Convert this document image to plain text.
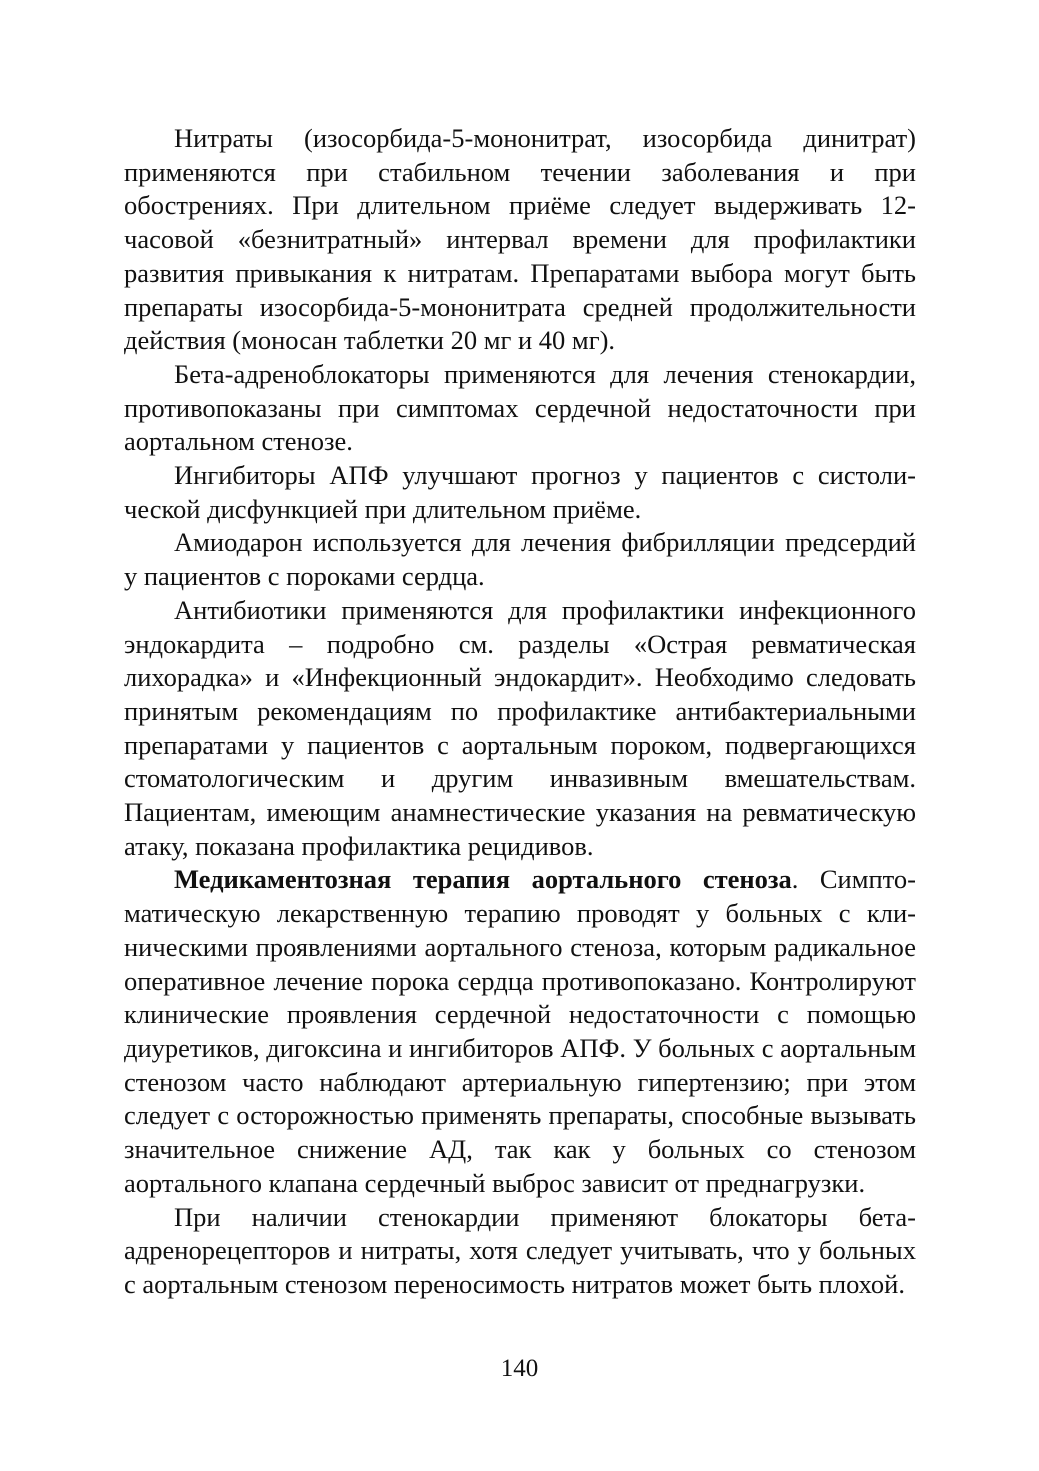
Нитраты (изосорбида-5-мононитрат, изосорбида динитрат) применяются при стабильном течении заболевания и при обострениях. При длительном приёме следует выдерживать 12-часовой «безнитратный» интервал времени для профилактики развития привыкания к нитратам. Препаратами выбора могут быть препараты изосорбида-5-мононитрата средней продолжительности действия (моносан таблетки 20 мг и 40 мг).

Бета-адреноблокаторы применяются для лечения стенокардии, противопоказаны при симптомах сердечной недостаточности при аортальном стенозе.

Ингибиторы АПФ улучшают прогноз у пациентов с систолической дисфункцией при длительном приёме.

Амиодарон используется для лечения фибрилляции предсердий у пациентов с пороками сердца.

Антибиотики применяются для профилактики инфекционного эндокардита – подробно см. разделы «Острая ревматическая лихорадка» и «Инфекционный эндокардит». Необходимо следовать принятым рекомендациям по профилактике антибактериальными препаратами у пациентов с аортальным пороком, подвергающихся стоматологическим и другим инвазивным вмешательствам. Пациентам, имеющим анамнестические указания на ревматическую атаку, показана профилактика рецидивов.

Медикаментозная терапия аортального стеноза. Симптоматическую лекарственную терапию проводят у больных с клиническими проявлениями аортального стеноза, которым радикальное оперативное лечение порока сердца противопоказано. Контролируют клинические проявления сердечной недостаточности с помощью диуретиков, дигоксина и ингибиторов АПФ. У больных с аортальным стенозом часто наблюдают артериальную гипертензию; при этом следует с осторожностью применять препараты, способные вызывать значительное снижение АД, так как у больных со стенозом аортального клапана сердечный выброс зависит от преднагрузки.

При наличии стенокардии применяют блокаторы бета-адренорецепторов и нитраты, хотя следует учитывать, что у больных с аортальным стенозом переносимость нитратов может быть плохой.

140
